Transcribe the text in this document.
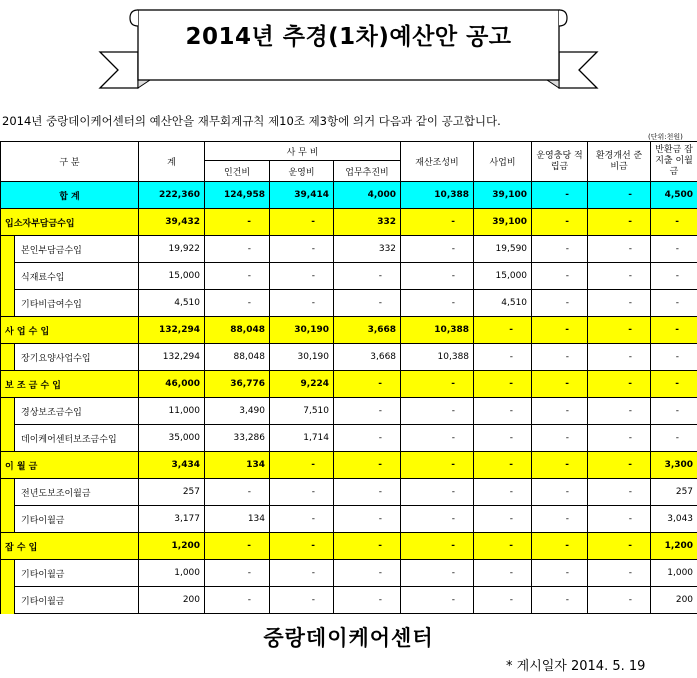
2014년 추경(1차)예산안 공고
2014년 중랑데이케어센터의 예산안을 재무회계규칙 제10조 제3항에 의거 다음과 같이 공고합니다.
(단위:천원)
구 분		계	사 무 비			재산조성비	사업비	운영충당 적립금	환경개선 준비금	반환금 잡지출 이월금
			인건비	운영비	업무추진비					
합 계		222,360	124,958	39,414	4,000	10,388	39,100	-	-	4,500
입소자부담금수입		39,432	-	-	332	-	39,100	-	-	-
	본인부담금수입	19,922	-	-	332	-	19,590	-	-	-
	식재료수입	15,000	-	-	-	-	15,000	-	-	-
	기타비급여수입	4,510	-	-	-	-	4,510	-	-	-
사 업 수 입		132,294	88,048	30,190	3,668	10,388	-	-	-	-
	장기요양사업수입	132,294	88,048	30,190	3,668	10,388	-	-	-	-
보 조 금 수 입		46,000	36,776	9,224	-	-	-	-	-	-
	경상보조금수입	11,000	3,490	7,510	-	-	-	-	-	-
	데이케어센터보조금수입	35,000	33,286	1,714	-	-	-	-	-	-
이 월 금		3,434	134	-	-	-	-	-	-	3,300
	전년도보조이월금	257	-	-	-	-	-	-	-	257
	기타이월금	3,177	134	-	-	-	-	-	-	3,043
잡 수 입		1,200	-	-	-	-	-	-	-	1,200
	기타이월금	1,000	-	-	-	-	-	-	-	1,000
	기타이월금	200	-	-	-	-	-	-	-	200
중랑데이케어센터
* 게시일자 2014. 5. 19
